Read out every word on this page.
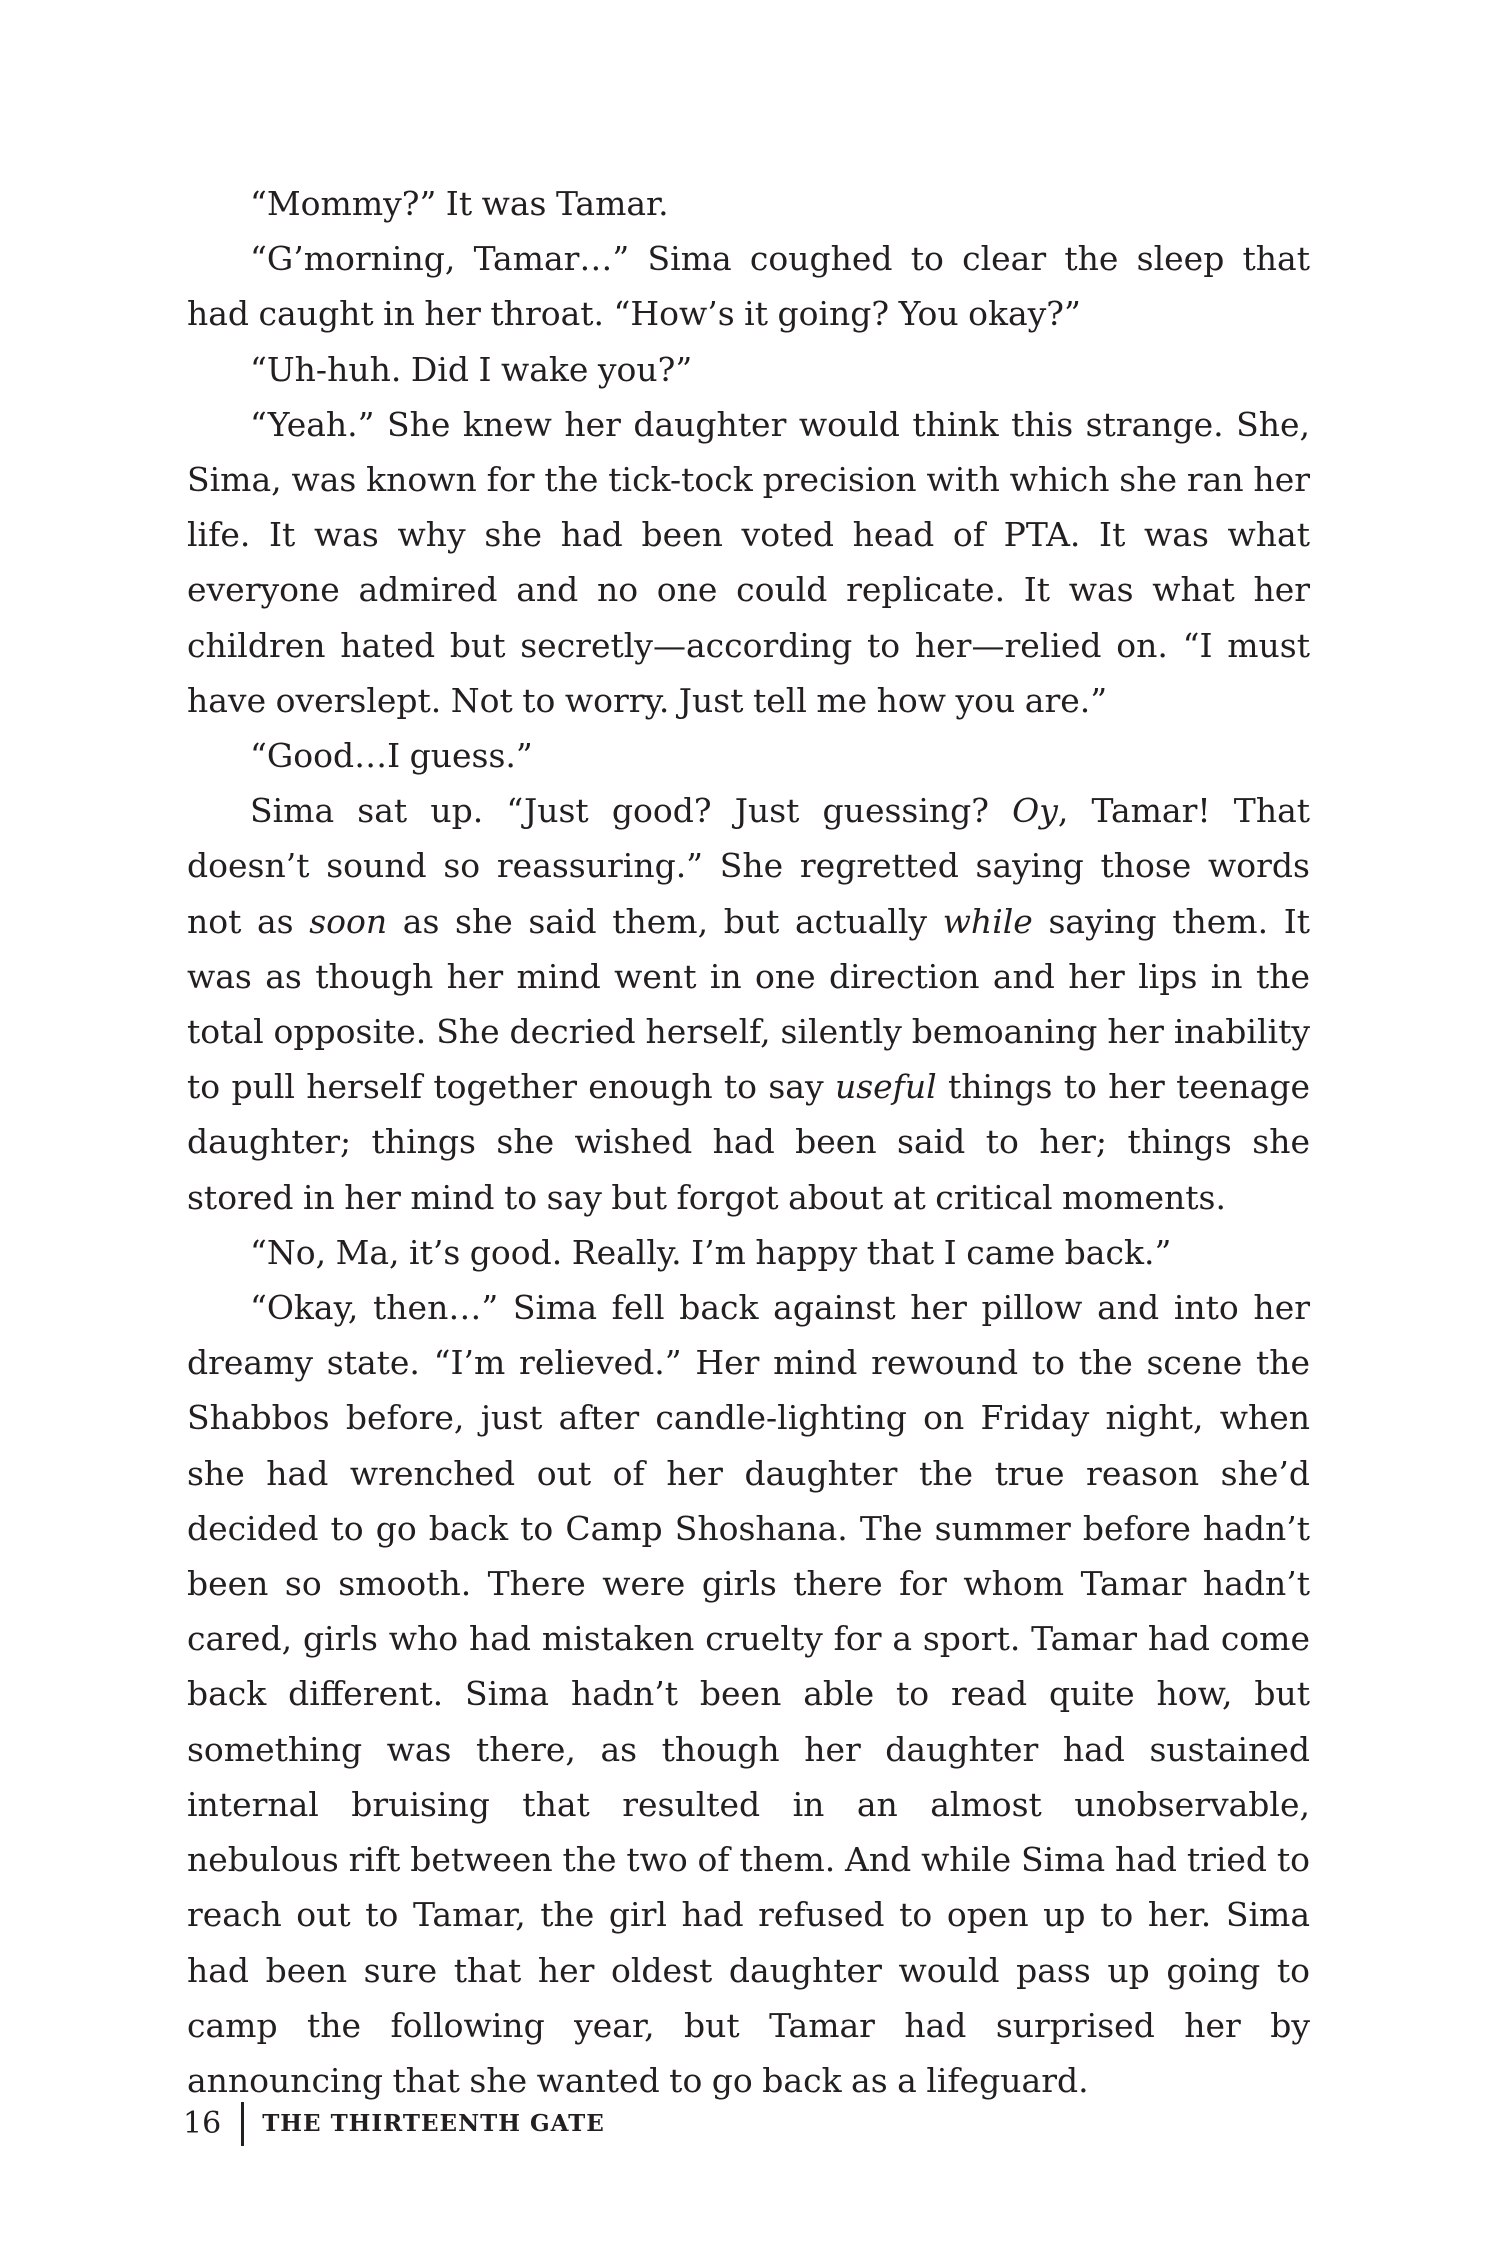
“Mommy?” It was Tamar.

“G’morning, Tamar…” Sima coughed to clear the sleep that had caught in her throat. “How’s it going? You okay?”

“Uh-huh. Did I wake you?”

“Yeah.” She knew her daughter would think this strange. She, Sima, was known for the tick-tock precision with which she ran her life. It was why she had been voted head of PTA. It was what everyone admired and no one could replicate. It was what her children hated but secretly—according to her—relied on. “I must have overslept. Not to worry. Just tell me how you are.”

“Good…I guess.”

Sima sat up. “Just good? Just guessing? Oy, Tamar! That doesn’t sound so reassuring.” She regretted saying those words not as soon as she said them, but actually while saying them. It was as though her mind went in one direction and her lips in the total opposite. She decried herself, silently bemoaning her inability to pull herself together enough to say useful things to her teenage daughter; things she wished had been said to her; things she stored in her mind to say but forgot about at critical moments.

“No, Ma, it’s good. Really. I’m happy that I came back.”

“Okay, then…” Sima fell back against her pillow and into her dreamy state. “I’m relieved.” Her mind rewound to the scene the Shabbos before, just after candle-lighting on Friday night, when she had wrenched out of her daughter the true reason she’d decided to go back to Camp Shoshana. The summer before hadn’t been so smooth. There were girls there for whom Tamar hadn’t cared, girls who had mistaken cruelty for a sport. Tamar had come back different. Sima hadn’t been able to read quite how, but something was there, as though her daughter had sustained internal bruising that resulted in an almost unobservable, nebulous rift between the two of them. And while Sima had tried to reach out to Tamar, the girl had refused to open up to her. Sima had been sure that her oldest daughter would pass up going to camp the following year, but Tamar had surprised her by announcing that she wanted to go back as a lifeguard.

16 THE THIRTEENTH GATE
